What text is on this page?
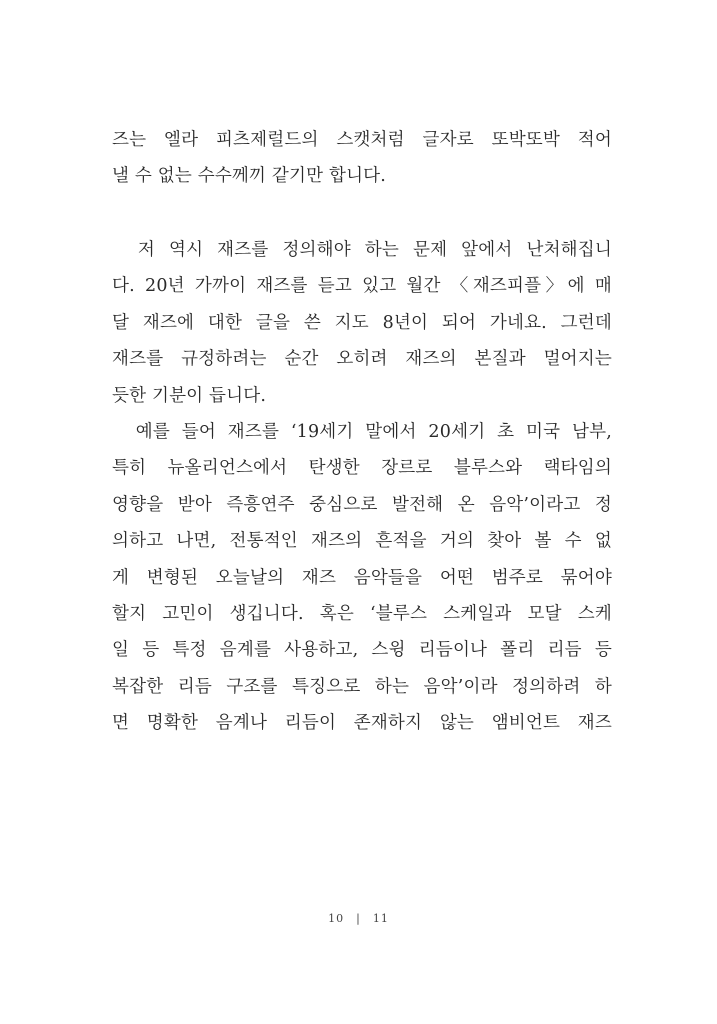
즈는 엘라 피츠제럴드의 스캣처럼 글자로 또박또박 적어
낼 수 없는 수수께끼 같기만 합니다.
　저 역시 재즈를 정의해야 하는 문제 앞에서 난처해집니
다. 20년 가까이 재즈를 듣고 있고 월간 〈재즈피플〉에 매
달 재즈에 대한 글을 쓴 지도 8년이 되어 가네요. 그런데
재즈를 규정하려는 순간 오히려 재즈의 본질과 멀어지는
듯한 기분이 듭니다.
　예를 들어 재즈를 ‘19세기 말에서 20세기 초 미국 남부,
특히 뉴올리언스에서 탄생한 장르로 블루스와 랙타임의
영향을 받아 즉흥연주 중심으로 발전해 온 음악’이라고 정
의하고 나면, 전통적인 재즈의 흔적을 거의 찾아 볼 수 없
게 변형된 오늘날의 재즈 음악들을 어떤 범주로 묶어야
할지 고민이 생깁니다. 혹은 ‘블루스 스케일과 모달 스케
일 등 특정 음계를 사용하고, 스윙 리듬이나 폴리 리듬 등
복잡한 리듬 구조를 특징으로 하는 음악’이라 정의하려 하
면 명확한 음계나 리듬이 존재하지 않는 앰비언트 재즈
10 | 11
